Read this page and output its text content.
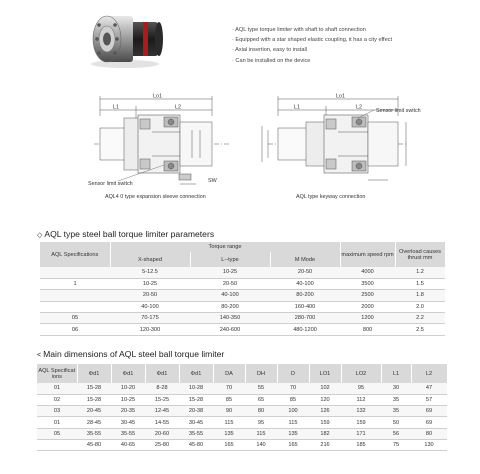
· AQL type torque limiter with shaft to shaft connection
· Equipped with a star shaped elastic coupling, it has a city effect
· Axial insertion, easy to install
· Can be installed on the device
Lo1
L1	L2
Sensor limit switch	SW
AQL4 0 type expansion sleeve connection
Lo1
L1	L2
Sensor limit switch
AQL type keyway connection
◇ AQL type steel ball torque limiter parameters
AQL Specifications	Torque range			maximum speed rpm	Overload causes thrust mm
	X-shaped	L--type	M Mode		
	5-12.5	10-25	20-50	4000	1.2
1	10-25	20-50	40-100	3500	1.5
	20-50	40-100	80-200	2500	1.8
	40-100	80-200	160-400	2000	2.0
05	70-175	140-350	280-700	1200	2.2
06	120-300	240-600	480-1200	800	2.5
< Main dimensions of AQL steel ball torque limiter
AQL Specificat ions	Φd1	Φd1	Φd1	Φd1	DA	DH	D	LO1	LO2	L1	L2
01	15-28	10-20	8-28	10-28	70	55	70	102	95	30	47
02	15-28	10-25	15-25	15-28	85	65	85	120	112	35	57
03	20-45	20-35	12-45	20-38	90	80	100	126	132	35	69
01	28-45	30-45	14-55	30-45	115	95	115	159	159	50	69
05	35-55	35-55	20-60	35-55	135	115	135	182	171	56	80
	45-80	40-65	25-80	45-80	165	140	165	216	185	75	130
